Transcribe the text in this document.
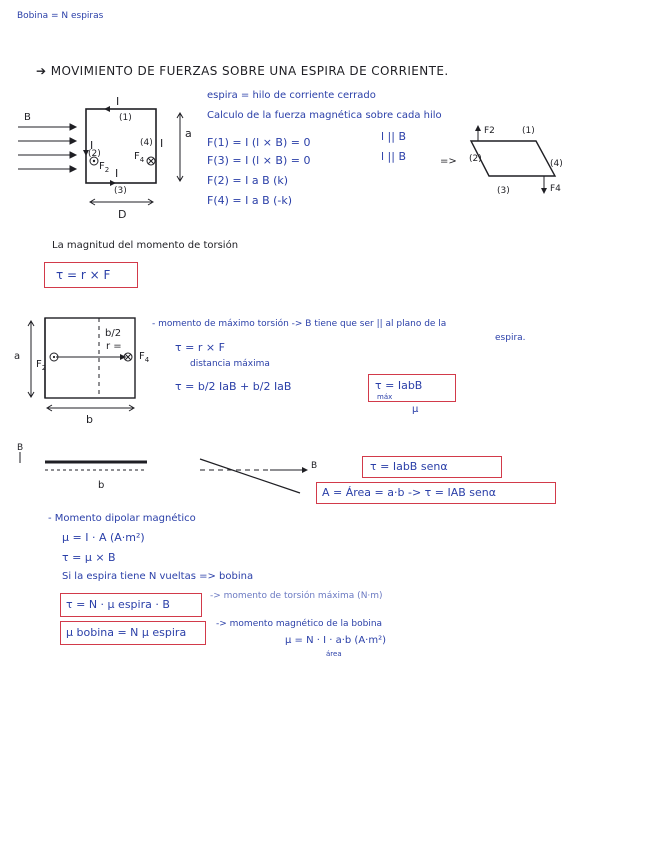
Bobina = N espiras
➔ MOVIMIENTO DE FUERZAS SOBRE UNA ESPIRA DE CORRIENTE.
=>
B
I
(1)
I
(2)
$F_2$
(4) I
a
$F_4$
I
(3)
D
espira = hilo de corriente cerrado
Calculo de la fuerza magnética sobre cada hilo
F(1) = I (l × B) = 0
F(3) = I (l × B) = 0
F(2) = I a B (k)
F(4) = I a B (-k)
l || B
l || B
F2	(1)
(2)	(4)
(3)	F4
La magnitud del momento de torsión
τ = r × F
a
b/2
r =
$F_2$
$F_4$
b
- momento de máximo torsión -> B tiene que ser || al plano de la
espira.
τ = r × F
distancia máxima
τ = b/2 IaB + b/2 IaB	τ = IabB
máx
μ
B
b
B	τ = IabB senα
A = Área = a·b -> τ = IAB senα
- Momento dipolar magnético
μ = I · A (A·m²)
τ = μ × B
Si la espira tiene N vueltas => bobina
τ = N · μ espira · B
-> momento de torsión máxima (N·m)
μ bobina = N μ espira
-> momento magnético de la bobina
μ = N · I · a·b (A·m²)
área
